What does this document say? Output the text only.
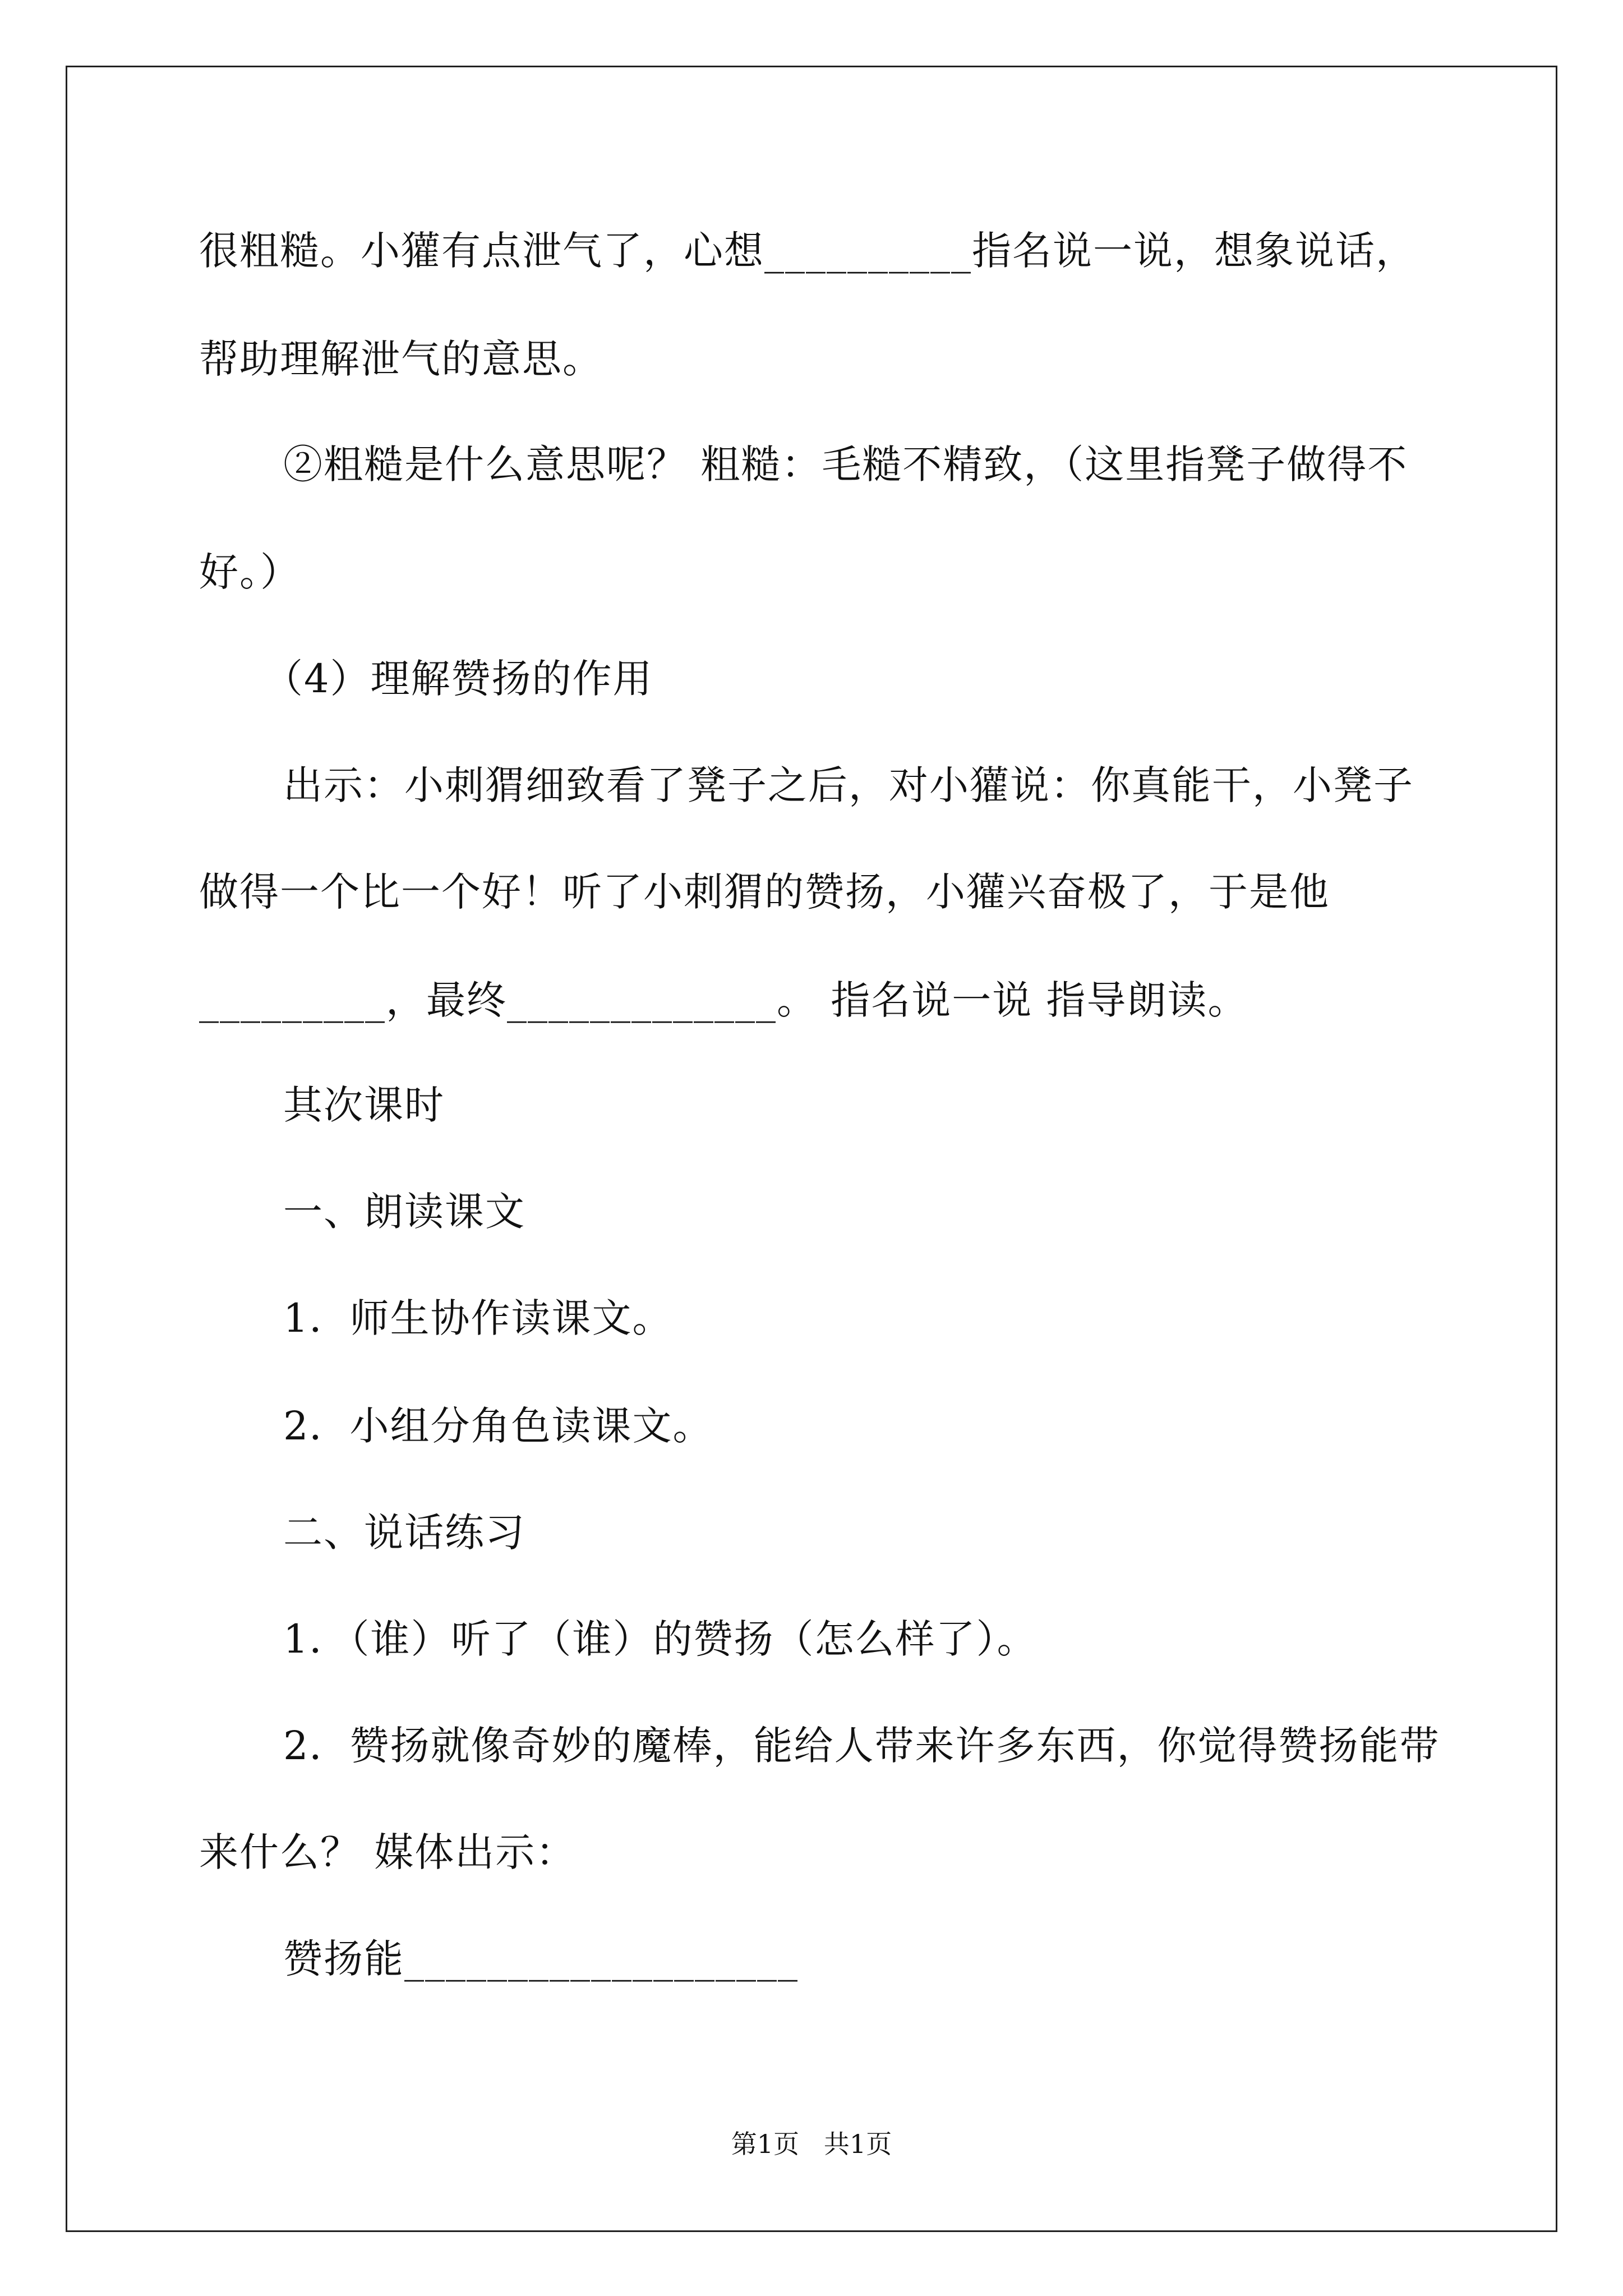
很粗糙。小獾有点泄气了，心想__________指名说一说，想象说话，
帮助理解泄气的意思。
②粗糙是什么意思呢？ 粗糙：毛糙不精致，（这里指凳子做得不
好。）
（4）理解赞扬的作用
出示：小刺猬细致看了凳子之后，对小獾说：你真能干，小凳子
做得一个比一个好！听了小刺猬的赞扬，小獾兴奋极了，于是他
_________，最终_____________。 指名说一说 指导朗读。
其次课时
一、朗读课文
1．师生协作读课文。
2．小组分角色读课文。
二、说话练习
1．（谁）听了（谁）的赞扬（怎么样了）。
2．赞扬就像奇妙的魔棒，能给人带来许多东西，你觉得赞扬能带
来什么？ 媒体出示：
赞扬能___________________
第1页   共1页
